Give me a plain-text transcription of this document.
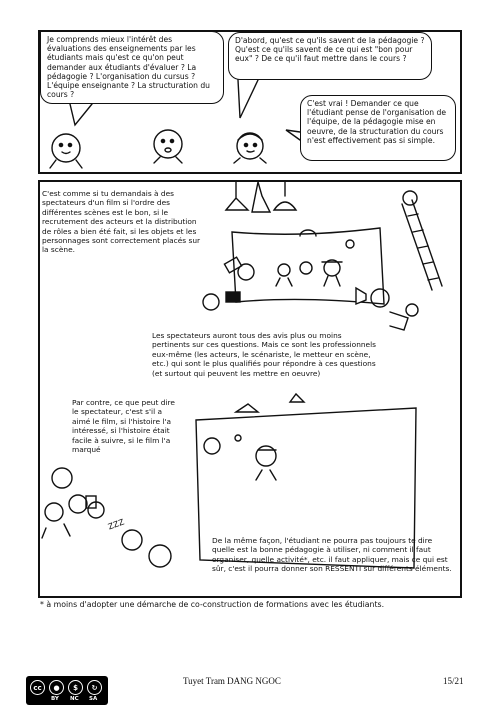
Je comprends mieux l'intérêt des évaluations des enseignements par les étudiants mais qu'est ce qu'on peut demander aux étudiants d'évaluer ? La pédagogie ? L'organisation du cursus ? L'équipe enseignante ? La structuration du cours ?
D'abord, qu'est ce qu'ils savent de la pédagogie ? Qu'est ce qu'ils savent de ce qui est "bon pour eux" ? De ce qu'il faut mettre dans le cours ?
C'est vrai ! Demander ce que l'étudiant pense de l'organisation de l'équipe, de la pédagogie mise en oeuvre, de la structuration du cours n'est effectivement pas si simple.
C'est comme si tu demandais à des spectateurs d'un film si l'ordre des différentes scènes est le bon, si le recrutement des acteurs et la distribution de rôles a bien été fait, si les objets et les personnages sont correctement placés sur la scène.
Les spectateurs auront tous des avis plus ou moins pertinents sur ces questions. Mais ce sont les professionnels eux-même (les acteurs, le scénariste, le metteur en scène, etc.) qui sont le plus qualifiés pour répondre à ces questions (et surtout qui peuvent les mettre en oeuvre)
Par contre, ce que peut dire le spectateur, c'est s'il a aimé le film, si l'histoire l'a intéressé, si l'histoire était facile à suivre, si le film l'a marqué
De la même façon, l'étudiant ne pourra pas toujours te dire quelle est la bonne pédagogie à utiliser, ni comment il faut organiser, quelle activité*, etc. il faut appliquer, mais ce qui est sûr, c'est il pourra donner son RESSENTI sur différents éléments.
ZZZ
* à moins d'adopter une démarche de co-construction de formations avec les étudiants.
cc	●	$	↻
BY NC SA
Tuyet Tram DANG NGOC	15/21
